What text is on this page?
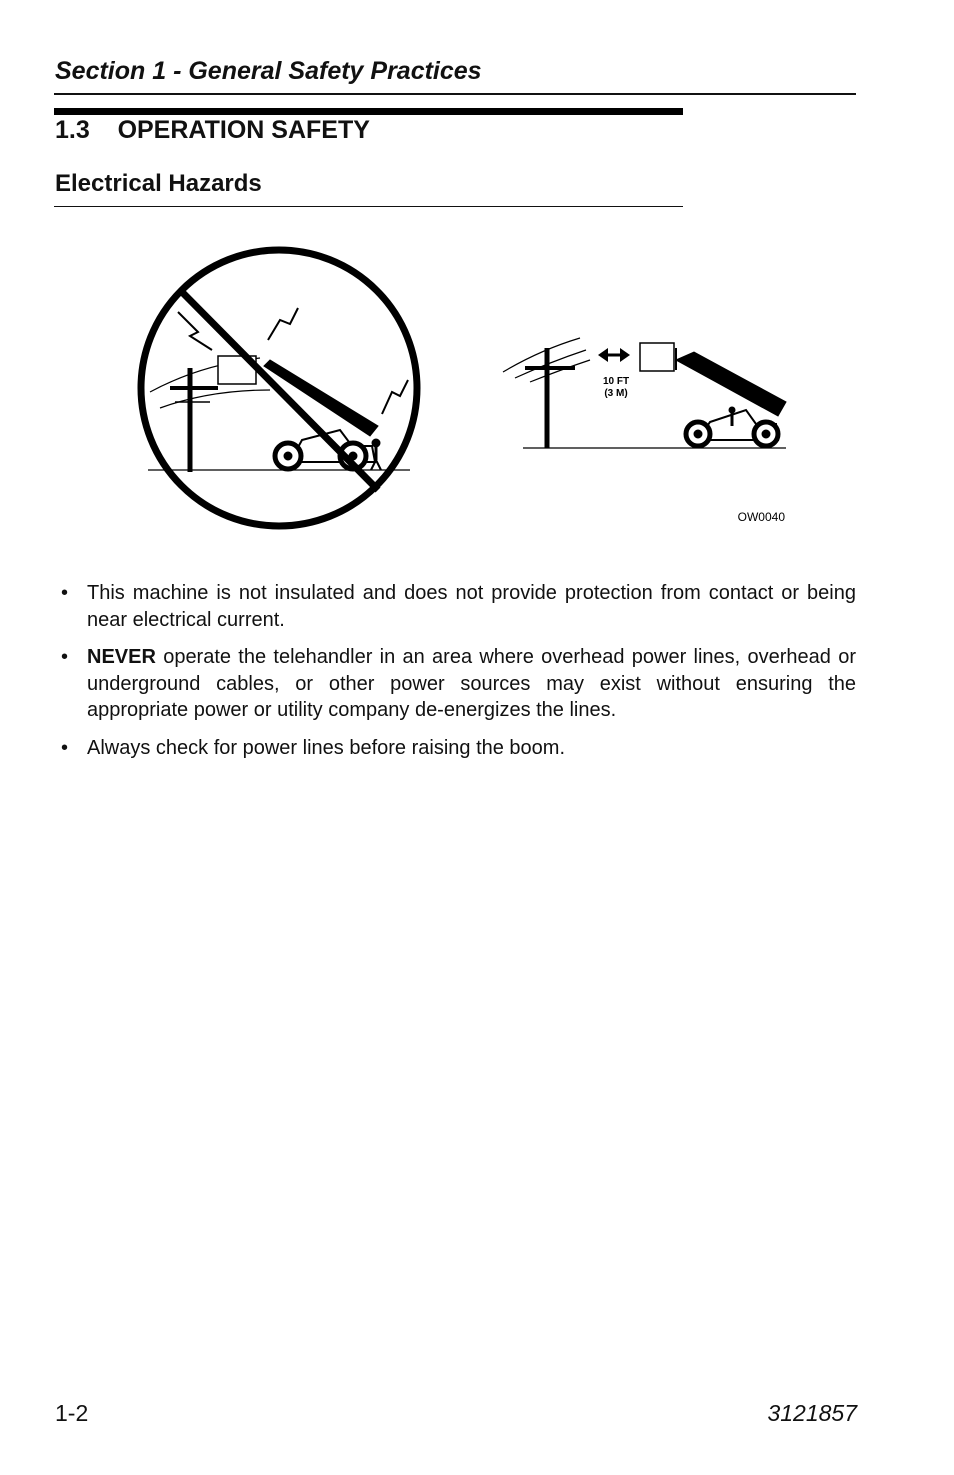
Section 1 - General Safety Practices
1.3 OPERATION SAFETY
Electrical Hazards
10 FT
(3 M)
OW0040
• This machine is not insulated and does not provide protection from contact or being near electrical current.
• NEVER operate the telehandler in an area where overhead power lines, overhead or underground cables, or other power sources may exist without ensuring the appropriate power or utility company de-energizes the lines.
• Always check for power lines before raising the boom.
1-2	3121857
